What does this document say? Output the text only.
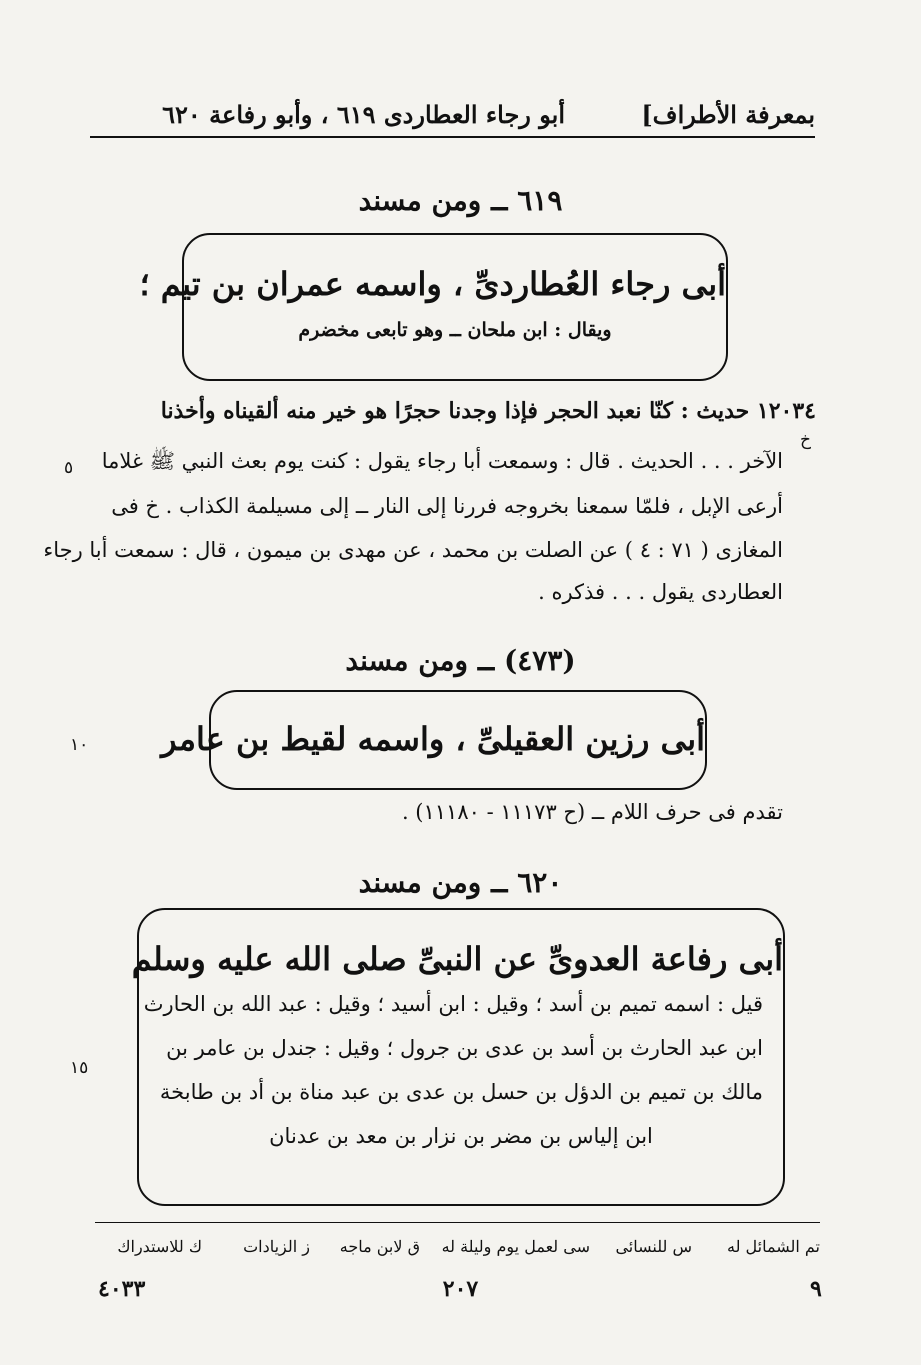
بمعرفة الأطراف]
أبو رجاء العطاردى ٦١٩ ، وأبو رفاعة ٦٢٠
٦١٩ ــ ومن مسند
أبى رجاء العُطاردىِّ ، واسمه عمران بن تيم ؛
ويقال : ابن ملحان ــ وهو تابعى مخضرم
١٢٠٣٤ حديث : كنّا نعبد الحجر فإذا وجدنا حجرًا هو خير منه ألقيناه وأخذنا
خ
الآخر . . . الحديث . قال : وسمعت أبا رجاء يقول : كنت يوم بعث النبي ﷺ غلاما
٥
أرعى الإبل ، فلمّا سمعنا بخروجه فررنا إلى النار ــ إلى مسيلمة الكذاب . خ فى
المغازى ( ٧١ : ٤ ) عن الصلت بن محمد ، عن مهدى بن ميمون ، قال : سمعت أبا رجاء
العطاردى يقول . . . فذكره .
(٤٧٣) ــ ومن مسند
أبى رزين العقيلىِّ ، واسمه لقيط بن عامر
١٠
تقدم فى حرف اللام ــ (ح ١١١٧٣ - ١١١٨٠) .
٦٢٠ ــ ومن مسند
أبى رفاعة العدوىِّ عن النبىِّ صلى الله عليه وسلم
قيل : اسمه تميم بن أسد ؛ وقيل : ابن أسيد ؛ وقيل : عبد الله بن الحارث
ابن عبد الحارث بن أسد بن عدى بن جرول ؛ وقيل : جندل بن عامر بن
مالك بن تميم بن الدؤل بن حسل بن عدى بن عبد مناة بن أد بن طابخة
ابن إلياس بن مضر بن نزار بن معد بن عدنان
١٥
تم الشمائل له
س للنسائى
سى لعمل يوم وليلة له
ق لابن ماجه
ز الزيادات
ك للاستدراك
٩
٢٠٧
٤٠٣٣
